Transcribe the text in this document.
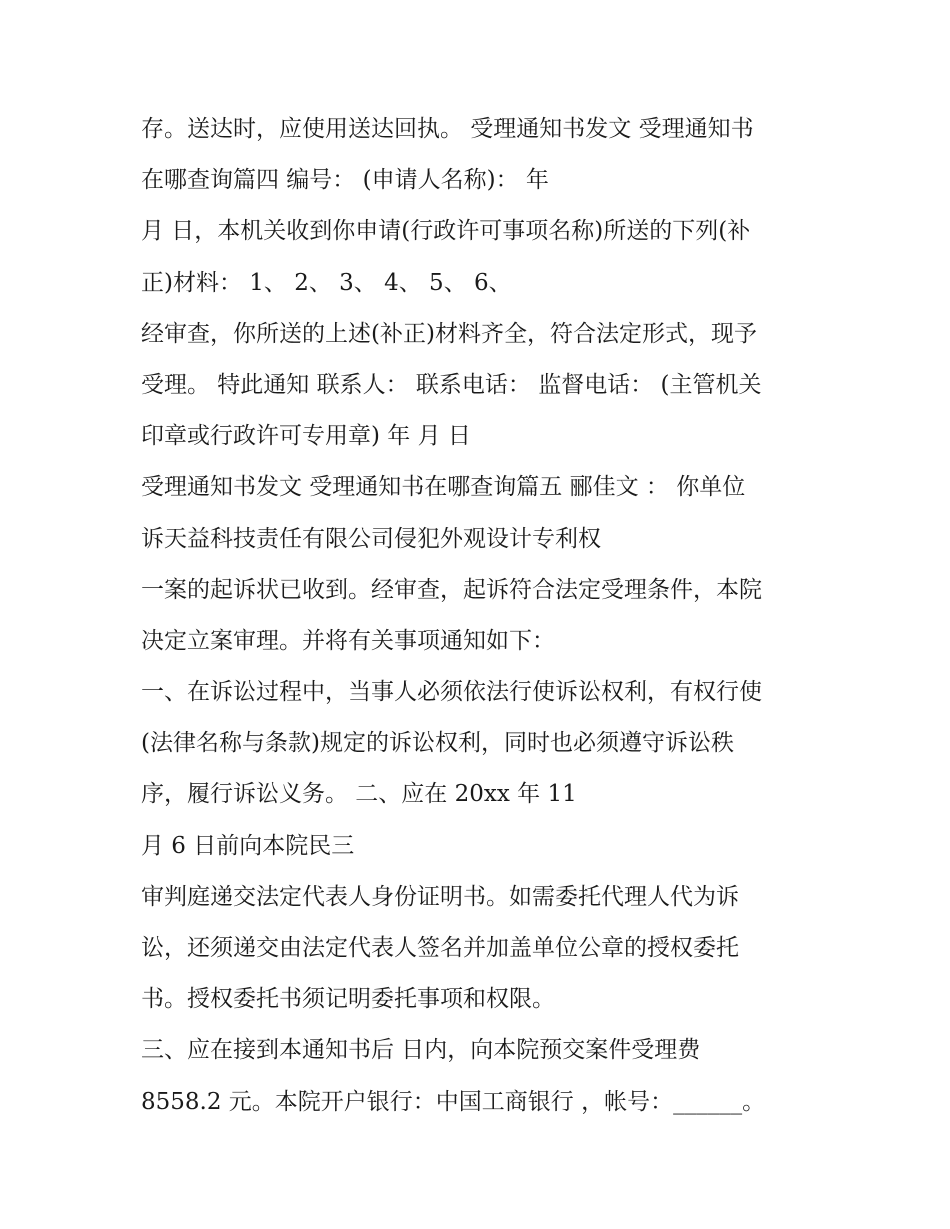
存。送达时，应使用送达回执。 受理通知书发文 受理通知书
在哪查询篇四 编号： (申请人名称)： 年
月 日，本机关收到你申请(行政许可事项名称)所送的下列(补
正)材料： 1、 2、 3、 4、 5、 6、
经审查，你所送的上述(补正)材料齐全，符合法定形式，现予
受理。 特此通知 联系人： 联系电话： 监督电话： (主管机关
印章或行政许可专用章) 年 月 日
受理通知书发文 受理通知书在哪查询篇五 郦佳文 ： 你单位
诉天益科技责任有限公司侵犯外观设计专利权
一案的起诉状已收到。经审查，起诉符合法定受理条件，本院
决定立案审理。并将有关事项通知如下：
一、在诉讼过程中，当事人必须依法行使诉讼权利，有权行使
(法律名称与条款)规定的诉讼权利，同时也必须遵守诉讼秩
序，履行诉讼义务。 二、应在 20xx 年 11
月 6 日前向本院民三
审判庭递交法定代表人身份证明书。如需委托代理人代为诉
讼，还须递交由法定代表人签名并加盖单位公章的授权委托
书。授权委托书须记明委托事项和权限。
三、应在接到本通知书后 日内，向本院预交案件受理费
8558.2 元。本院开户银行：中国工商银行 ，帐号：______。
